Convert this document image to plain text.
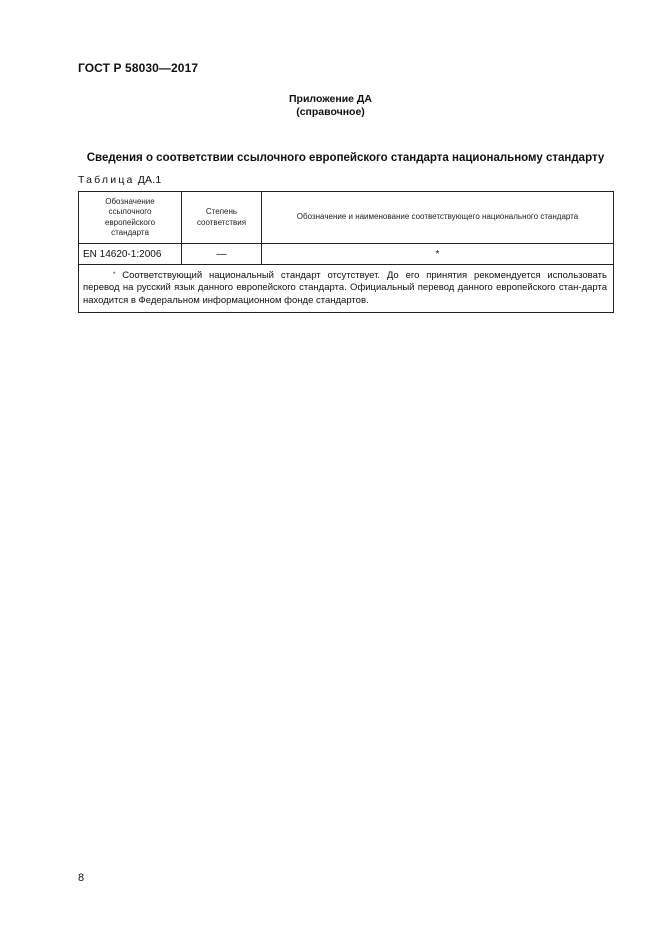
ГОСТ Р 58030—2017
Приложение ДА
(справочное)
Сведения о соответствии ссылочного европейского стандарта национальному стандарту
Таблица ДА.1
Обозначение ссылочного европейского стандарта	Степень соответствия	Обозначение и наименование соответствующего национального стандарта
EN 14620-1:2006	—	*
* Соответствующий национальный стандарт отсутствует. До его принятия рекомендуется использовать перевод на русский язык данного европейского стандарта. Официальный перевод данного европейского стан-дарта находится в Федеральном информационном фонде стандартов.		
8
